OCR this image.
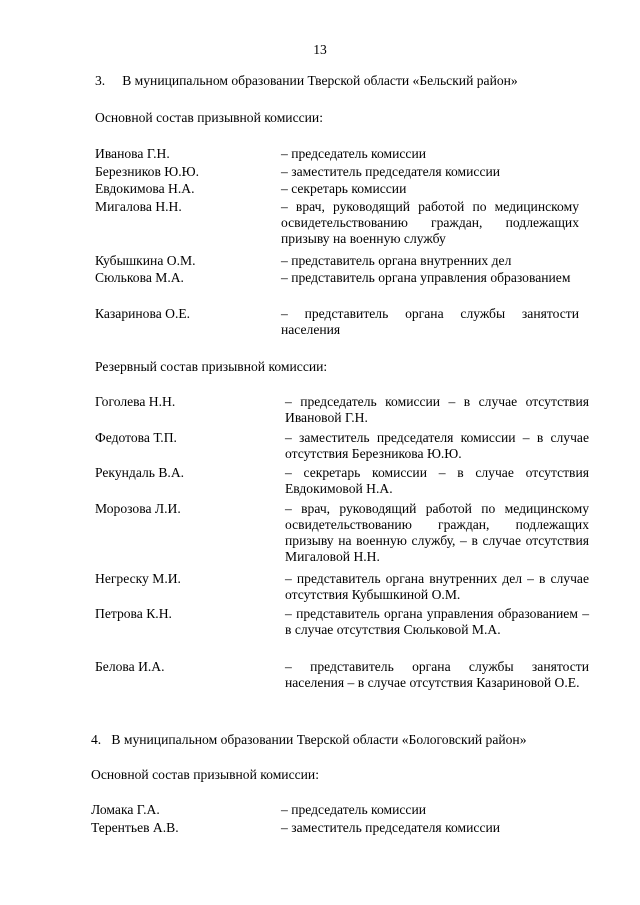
13
3.  В муниципальном образовании Тверской области «Бельский район»
Основной состав призывной комиссии:
Иванова Г.Н.	– председатель комиссии
Березников Ю.Ю.	– заместитель председателя комиссии
Евдокимова Н.А.	– секретарь комиссии
Мигалова Н.Н.	– врач, руководящий работой по медицинскому освидетельствованию граждан, подлежащих призыву на военную службу
Кубышкина О.М.	– представитель органа внутренних дел
Сюлькова М.А.	– представитель органа управления образованием
Казаринова О.Е.	– представитель органа службы занятости населения
Резервный состав призывной комиссии:
Гоголева Н.Н.	– председатель комиссии – в случае отсутствия Ивановой Г.Н.
Федотова Т.П.	– заместитель председателя комиссии – в случае отсутствия Березникова Ю.Ю.
Рекундаль В.А.	– секретарь комиссии – в случае отсутствия Евдокимовой Н.А.
Морозова Л.И.	– врач, руководящий работой по медицинскому освидетельствованию граждан, подлежащих призыву на военную службу, – в случае отсутствия Мигаловой Н.Н.
Негреску М.И.	– представитель органа внутренних дел – в случае отсутствия Кубышкиной О.М.
Петрова К.Н.	– представитель органа управления образованием – в случае отсутствия Сюльковой М.А.
Белова И.А.	– представитель органа службы занятости населения – в случае отсутствия Казариновой О.Е.
4.  В муниципальном образовании Тверской области «Бологовский район»
Основной состав призывной комиссии:
Ломака Г.А.	– председатель комиссии
Терентьев А.В.	– заместитель председателя комиссии
